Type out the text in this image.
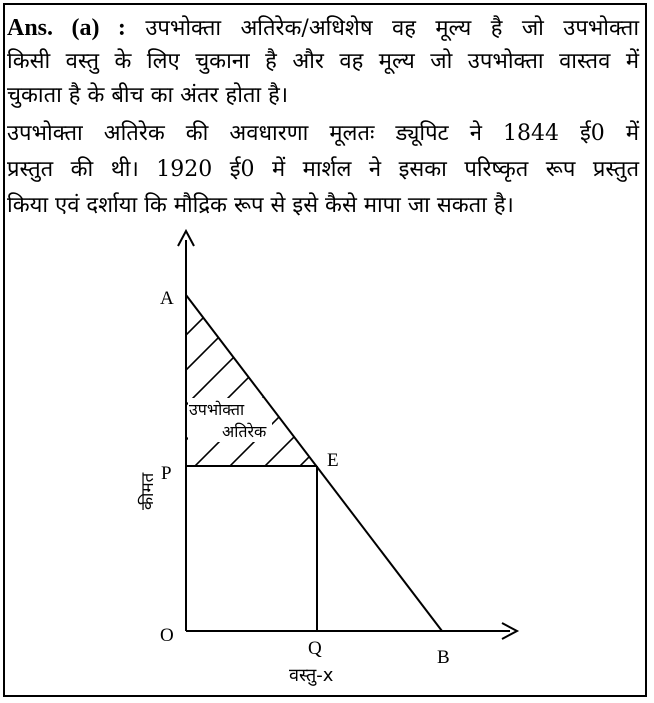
Ans. (a) : उपभोक्ता अतिरेक/अधिशेष वह मूल्य है जो उपभोक्ता
किसी वस्तु के लिए चुकाना है और वह मूल्य जो उपभोक्ता वास्तव में
चुकाता है के बीच का अंतर होता है।
उपभोक्ता अतिरेक की अवधारणा मूलतः ड्यूपिट ने 1844 ई0 में
प्रस्तुत की थी। 1920 ई0 में मार्शल ने इसका परिष्कृत रूप प्रस्तुत
किया एवं दर्शाया कि मौद्रिक रूप से इसे कैसे मापा जा सकता है।
A
P
E
O
Q	B
उपभोक्ता
अतिरेक
कीमत
वस्तु-x
